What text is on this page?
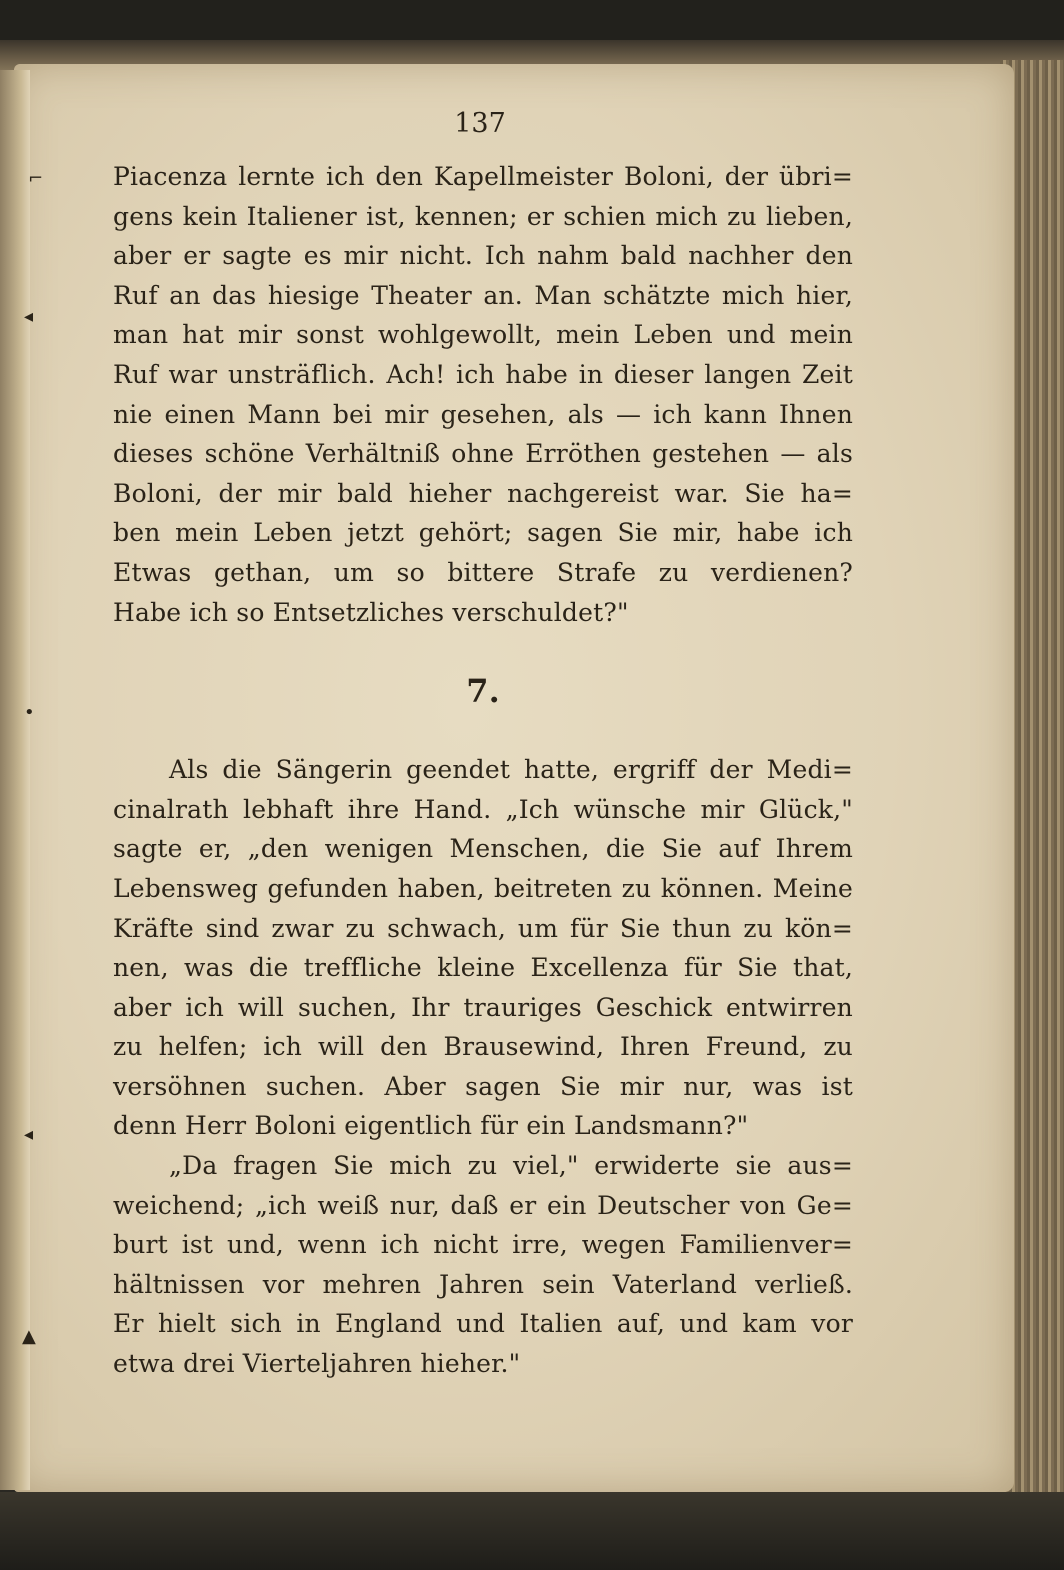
⌐
◂
•
◂
▲
137
Piacenza lernte ich den Kapellmeister Boloni, der übri=
gens kein Italiener ist, kennen; er schien mich zu lieben,
aber er sagte es mir nicht. Ich nahm bald nachher den
Ruf an das hiesige Theater an. Man schätzte mich hier,
man hat mir sonst wohlgewollt, mein Leben und mein
Ruf war unsträflich. Ach! ich habe in dieser langen Zeit
nie einen Mann bei mir gesehen, als — ich kann Ihnen
dieses schöne Verhältniß ohne Erröthen gestehen — als
Boloni, der mir bald hieher nachgereist war. Sie ha=
ben mein Leben jetzt gehört; sagen Sie mir, habe ich
Etwas gethan, um so bittere Strafe zu verdienen?
Habe ich so Entsetzliches verschuldet?"
7.
Als die Sängerin geendet hatte, ergriff der Medi=
cinalrath lebhaft ihre Hand. „Ich wünsche mir Glück,"
sagte er, „den wenigen Menschen, die Sie auf Ihrem
Lebensweg gefunden haben, beitreten zu können. Meine
Kräfte sind zwar zu schwach, um für Sie thun zu kön=
nen, was die treffliche kleine Excellenza für Sie that,
aber ich will suchen, Ihr trauriges Geschick entwirren
zu helfen; ich will den Brausewind, Ihren Freund, zu
versöhnen suchen. Aber sagen Sie mir nur, was ist
denn Herr Boloni eigentlich für ein Landsmann?"
„Da fragen Sie mich zu viel," erwiderte sie aus=
weichend; „ich weiß nur, daß er ein Deutscher von Ge=
burt ist und, wenn ich nicht irre, wegen Familienver=
hältnissen vor mehren Jahren sein Vaterland verließ.
Er hielt sich in England und Italien auf, und kam vor
etwa drei Vierteljahren hieher."
